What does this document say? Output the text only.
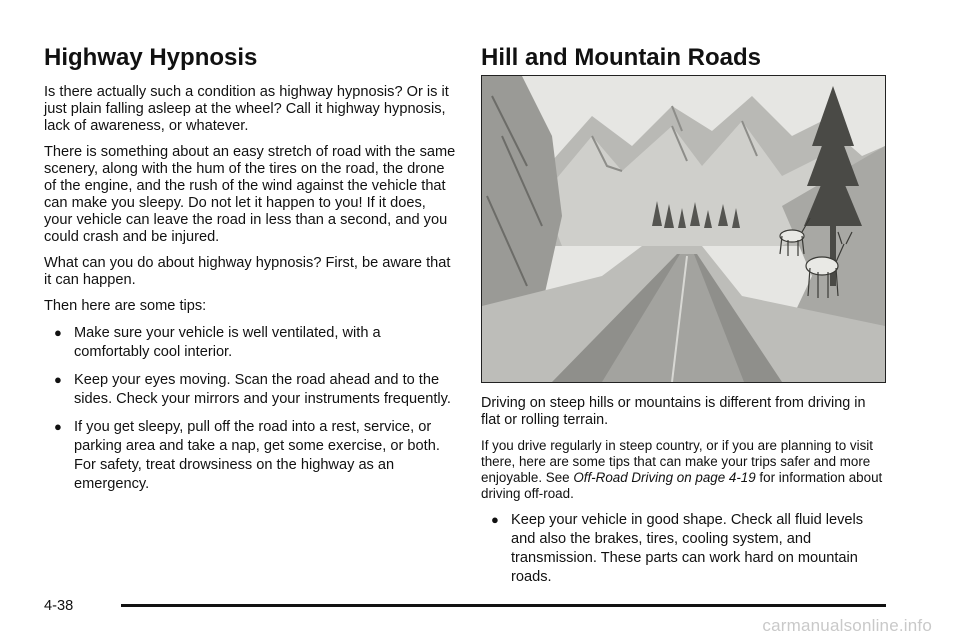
Highway Hypnosis

Is there actually such a condition as highway hypnosis? Or is it just plain falling asleep at the wheel? Call it highway hypnosis, lack of awareness, or whatever.

There is something about an easy stretch of road with the same scenery, along with the hum of the tires on the road, the drone of the engine, and the rush of the wind against the vehicle that can make you sleepy. Do not let it happen to you! If it does, your vehicle can leave the road in less than a second, and you could crash and be injured.

What can you do about highway hypnosis? First, be aware that it can happen.

Then here are some tips:

● Make sure your vehicle is well ventilated, with a comfortably cool interior.
● Keep your eyes moving. Scan the road ahead and to the sides. Check your mirrors and your instruments frequently.
● If you get sleepy, pull off the road into a rest, service, or parking area and take a nap, get some exercise, or both. For safety, treat drowsiness on the highway as an emergency.
Hill and Mountain Roads

Driving on steep hills or mountains is different from driving in flat or rolling terrain.

If you drive regularly in steep country, or if you are planning to visit there, here are some tips that can make your trips safer and more enjoyable. See Off-Road Driving on page 4-19 for information about driving off-road.

● Keep your vehicle in good shape. Check all fluid levels and also the brakes, tires, cooling system, and transmission. These parts can work hard on mountain roads.
4-38
carmanualsonline.info
